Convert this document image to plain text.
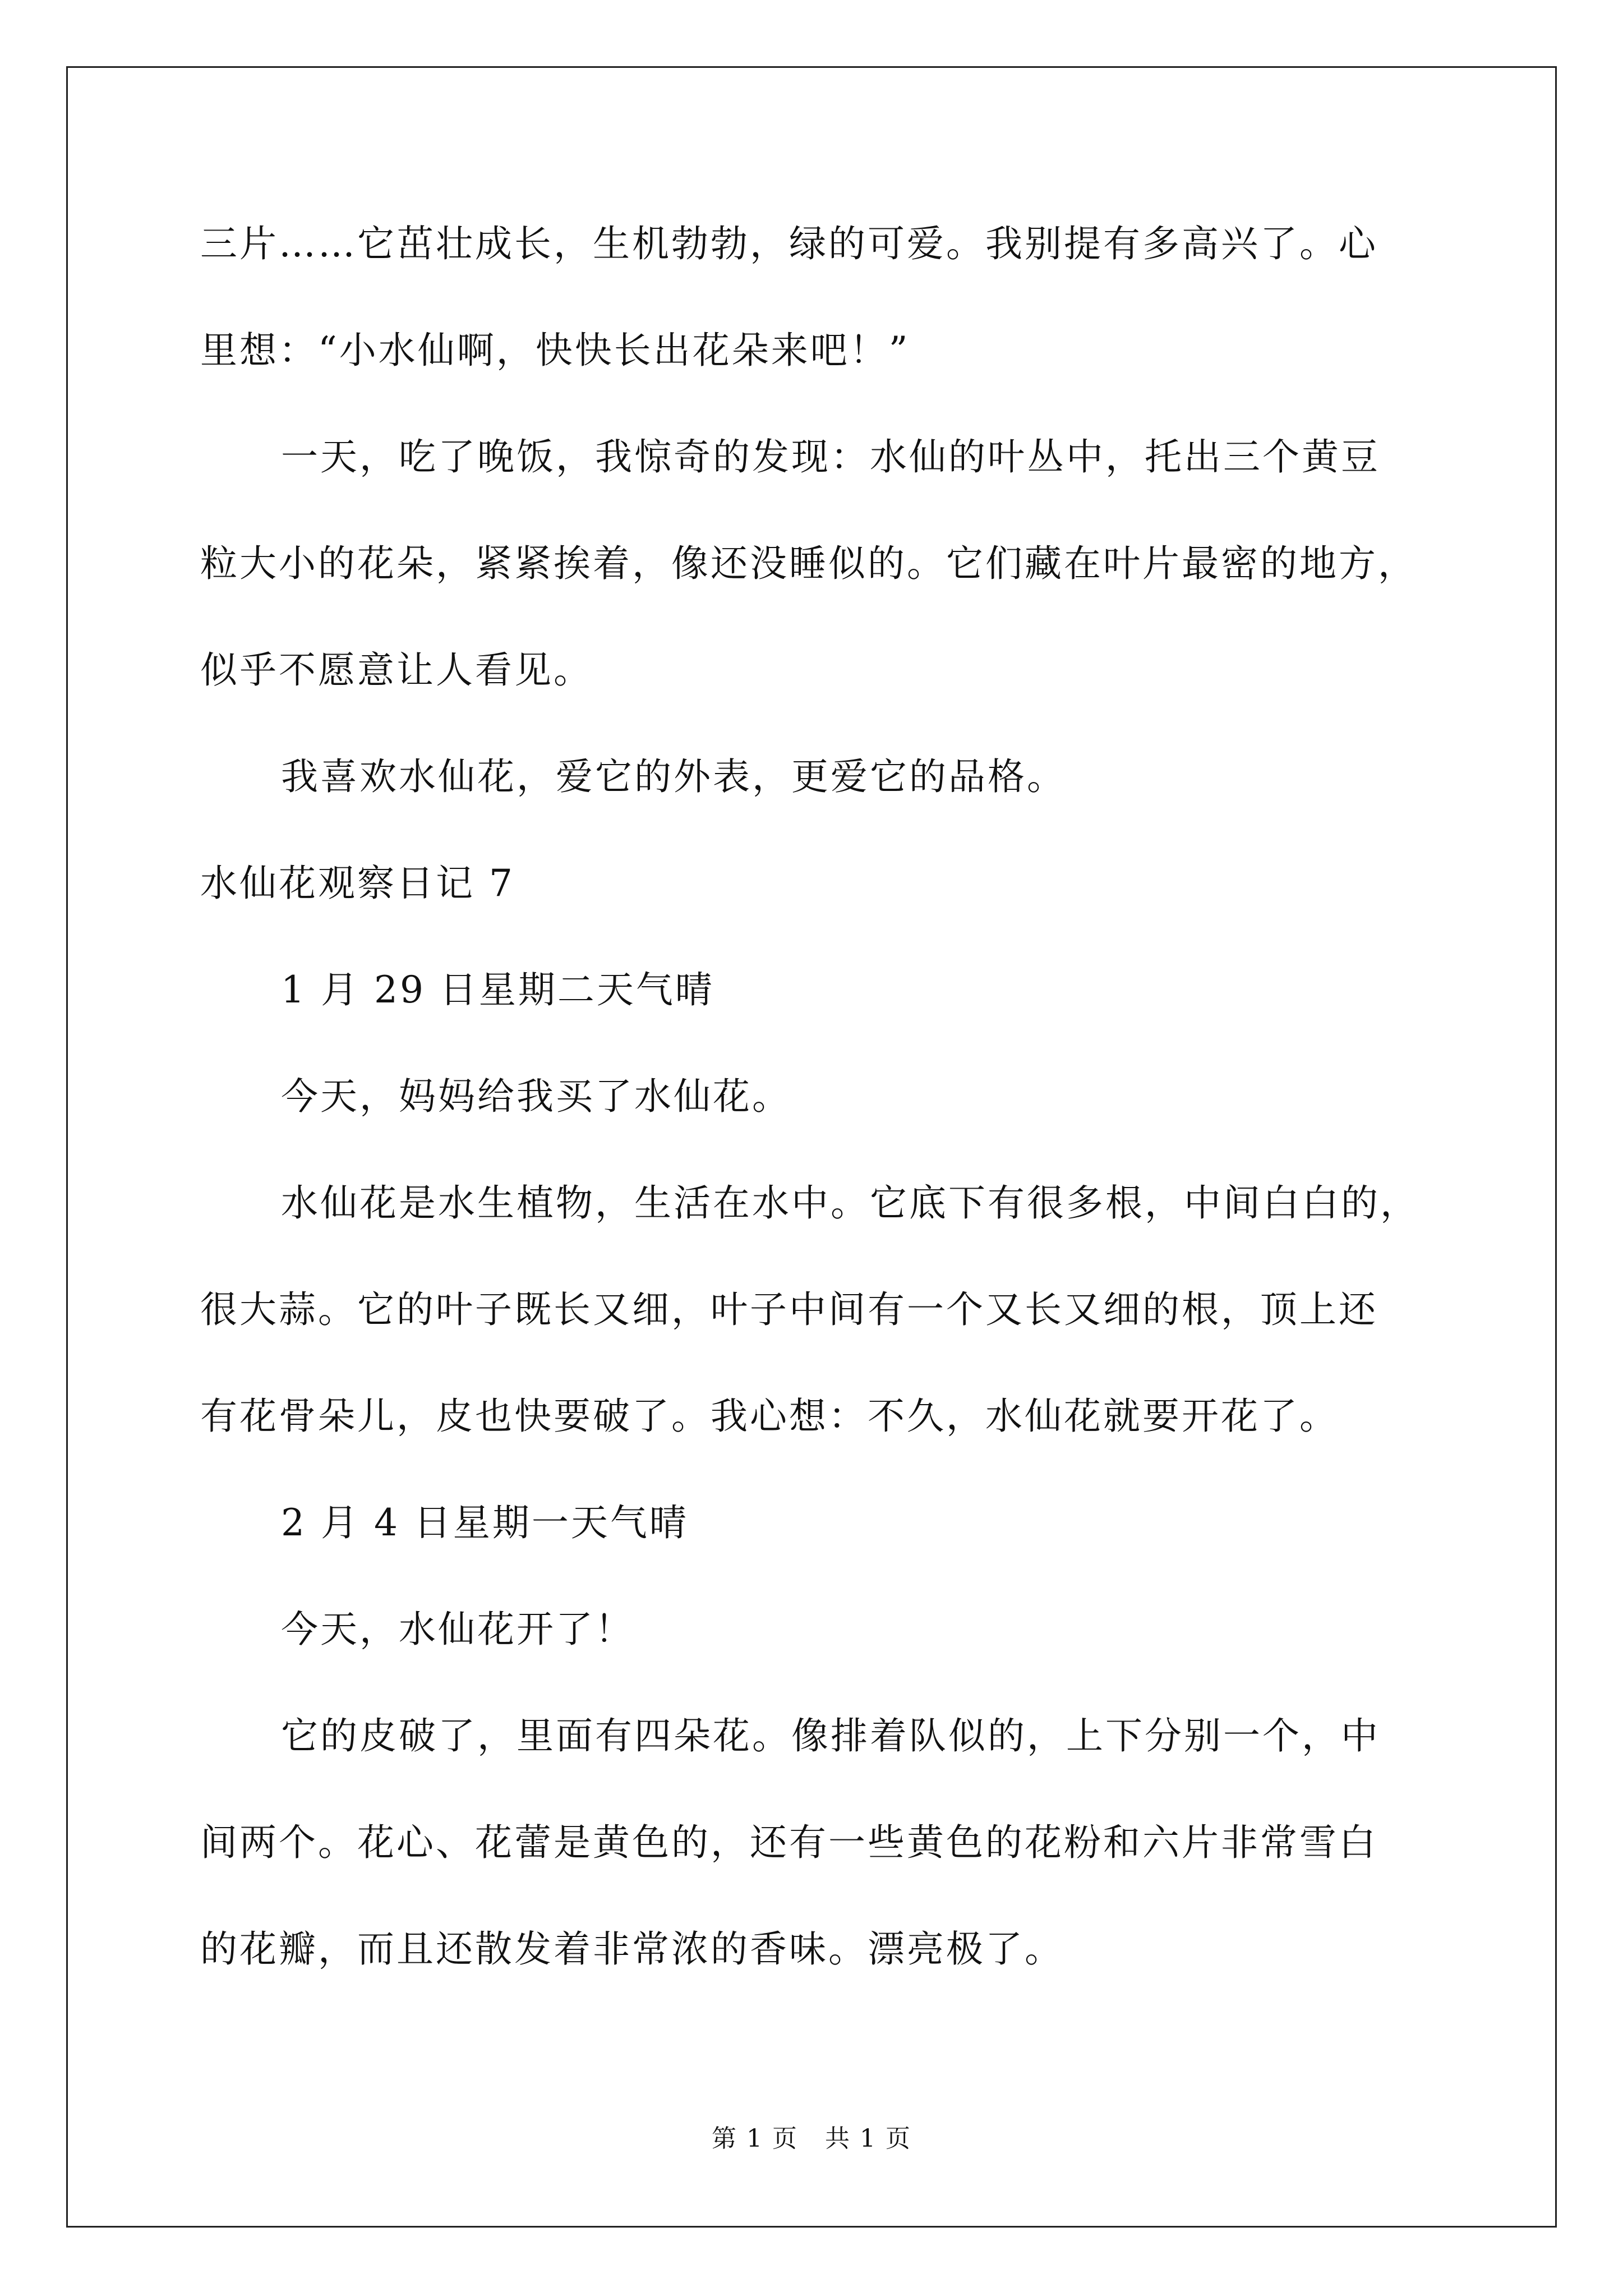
三片……它茁壮成长，生机勃勃，绿的可爱。我别提有多高兴了。心
里想：“小水仙啊，快快长出花朵来吧！”
一天，吃了晚饭，我惊奇的发现：水仙的叶丛中，托出三个黄豆
粒大小的花朵，紧紧挨着，像还没睡似的。它们藏在叶片最密的地方，
似乎不愿意让人看见。
我喜欢水仙花，爱它的外表，更爱它的品格。
水仙花观察日记 7
1 月 29 日星期二天气晴
今天，妈妈给我买了水仙花。
水仙花是水生植物，生活在水中。它底下有很多根，中间白白的，
很大蒜。它的叶子既长又细，叶子中间有一个又长又细的根，顶上还
有花骨朵儿，皮也快要破了。我心想：不久，水仙花就要开花了。
2 月 4 日星期一天气晴
今天，水仙花开了！
它的皮破了，里面有四朵花。像排着队似的，上下分别一个，中
间两个。花心、花蕾是黄色的，还有一些黄色的花粉和六片非常雪白
的花瓣，而且还散发着非常浓的香味。漂亮极了。
第 1 页 共 1 页
